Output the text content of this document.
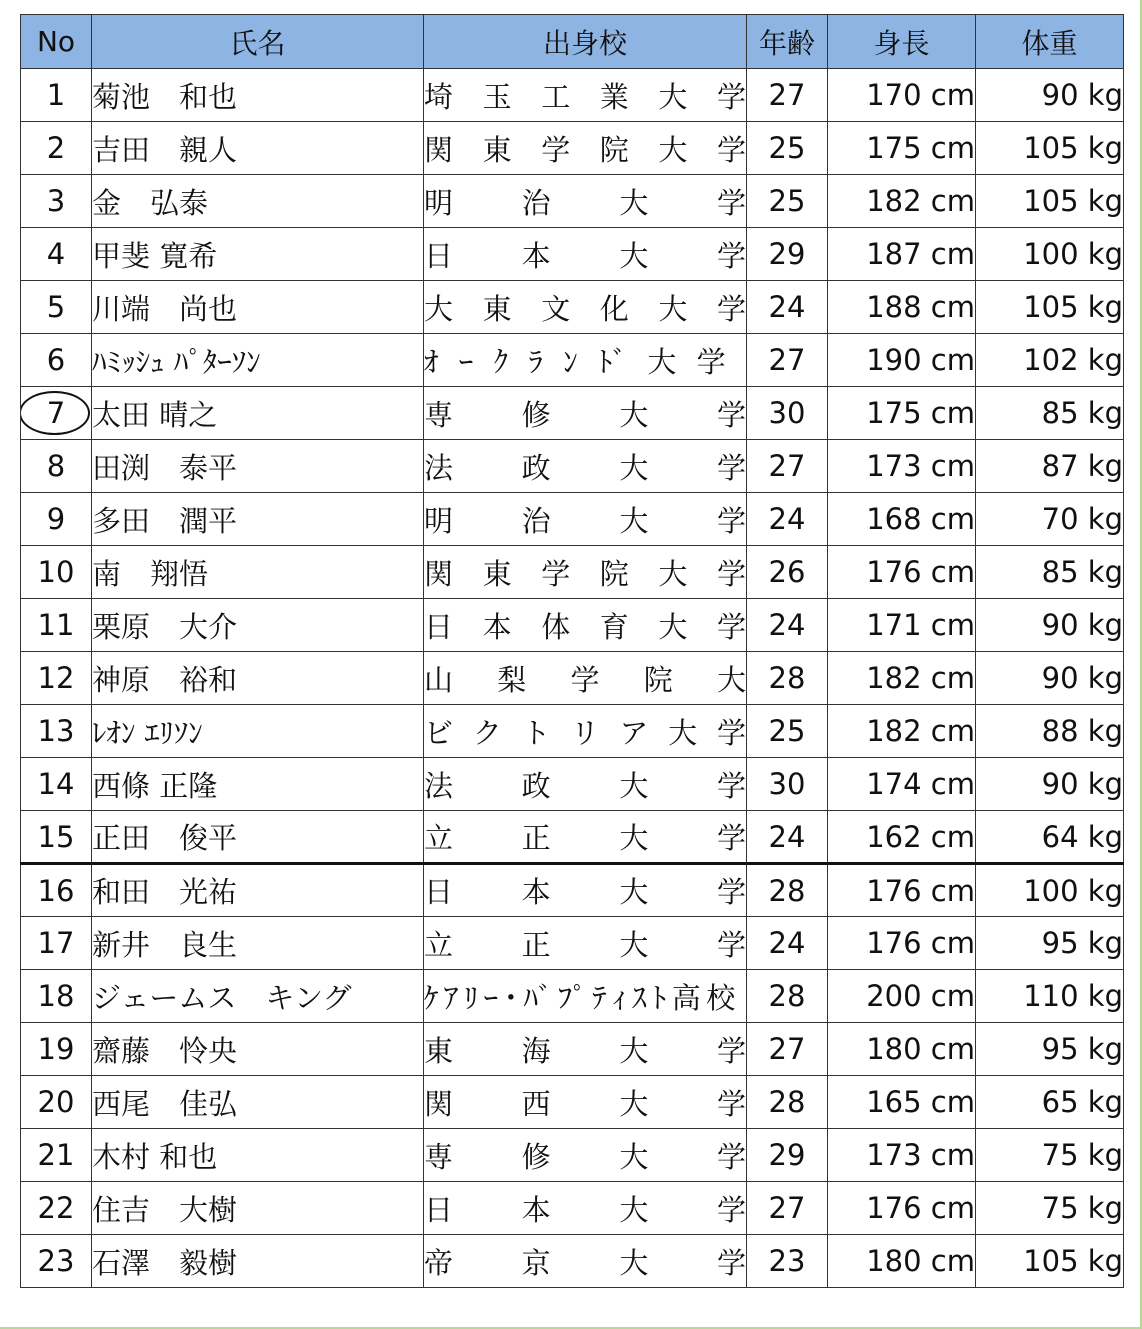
No	氏名	出身校	年齢	身長	体重
1	菊池　和也	埼玉工業大学	27	170 cm	90 kg
2	吉田　親人	関東学院大学	25	175 cm	105 kg
3	金　弘泰	明治大学	25	182 cm	105 kg
4	甲斐 寛希	日本大学	29	187 cm	100 kg
5	川端　尚也	大東文化大学	24	188 cm	105 kg
6	ﾊﾐｯｼｭ ﾊﾟﾀｰｿﾝ	ｵｰｸﾗﾝﾄﾞ大学	27	190 cm	102 kg
7	太田 晴之	専修大学	30	175 cm	85 kg
8	田渕　泰平	法政大学	27	173 cm	87 kg
9	多田　潤平	明治大学	24	168 cm	70 kg
10	南　翔悟	関東学院大学	26	176 cm	85 kg
11	栗原　大介	日本体育大学	24	171 cm	90 kg
12	神原　裕和	山梨学院大	28	182 cm	90 kg
13	ﾚｵﾝ ｴﾘｿﾝ	ビクトリア大学	25	182 cm	88 kg
14	西條 正隆	法政大学	30	174 cm	90 kg
15	正田　俊平	立正大学	24	162 cm	64 kg
16	和田　光祐	日本大学	28	176 cm	100 kg
17	新井　良生	立正大学	24	176 cm	95 kg
18	ジェームス　キング	ｹｱﾘｰ･ﾊﾞﾌﾟﾃｨｽﾄ高校	28	200 cm	110 kg
19	齋藤　怜央	東海大学	27	180 cm	95 kg
20	西尾　佳弘	関西大学	28	165 cm	65 kg
21	木村 和也	専修大学	29	173 cm	75 kg
22	住吉　大樹	日本大学	27	176 cm	75 kg
23	石澤　毅樹	帝京大学	23	180 cm	105 kg
